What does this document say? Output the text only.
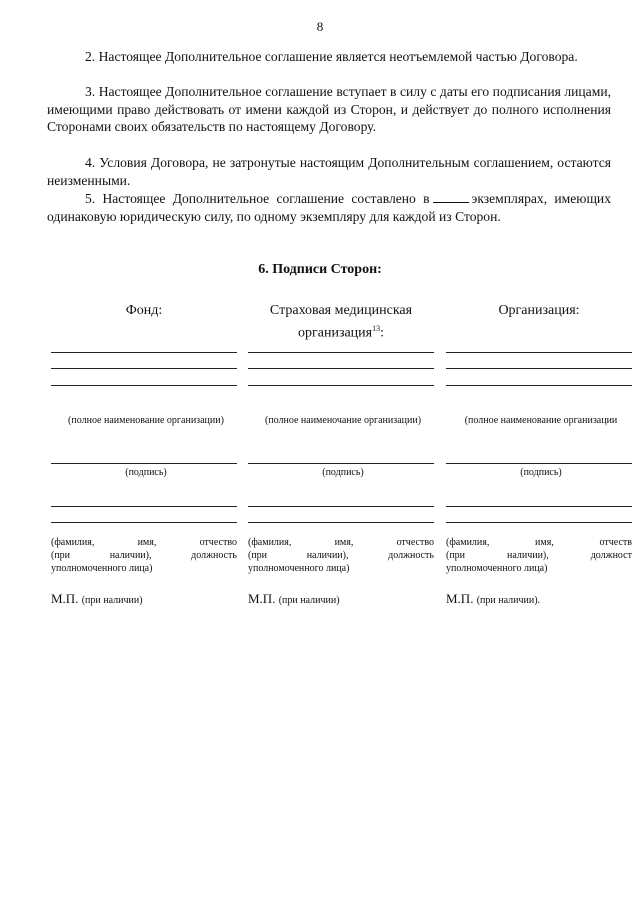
8

2. Настоящее Дополнительное соглашение является неотъемлемой частью Договора.

3. Настоящее Дополнительное соглашение вступает в силу с даты его подписания лицами, имеющими право действовать от имени каждой из Сторон, и действует до полного исполнения Сторонами своих обязательств по настоящему Договору.

4. Условия Договора, не затронутые настоящим Дополнительным соглашением, остаются неизменными.

5. Настоящее Дополнительное соглашение составлено в	экземплярах, имеющих одинаковую юридическую силу, по одному экземпляру для каждой из Сторон.

6. Подписи Сторон:
Фонд:
(полное наименование организации)
(подпись)
(фамилия,	имя,	отчество
(при	наличии),	должность
уполномоченного лица)
М.П. (при наличии)
Страховая медицинская организация$^{13}$:
(полное наименочание организации)
(подпись)
(фамилия,	имя,	отчество
(при	наличии),	должность
уполномоченного лица)
М.П. (при наличии)
Организация:
(полное наименование организации
(подпись)
(фамилия,	имя,	отчеств
(при	наличии),	должност
уполномоченного лица)
М.П. (при наличии).
